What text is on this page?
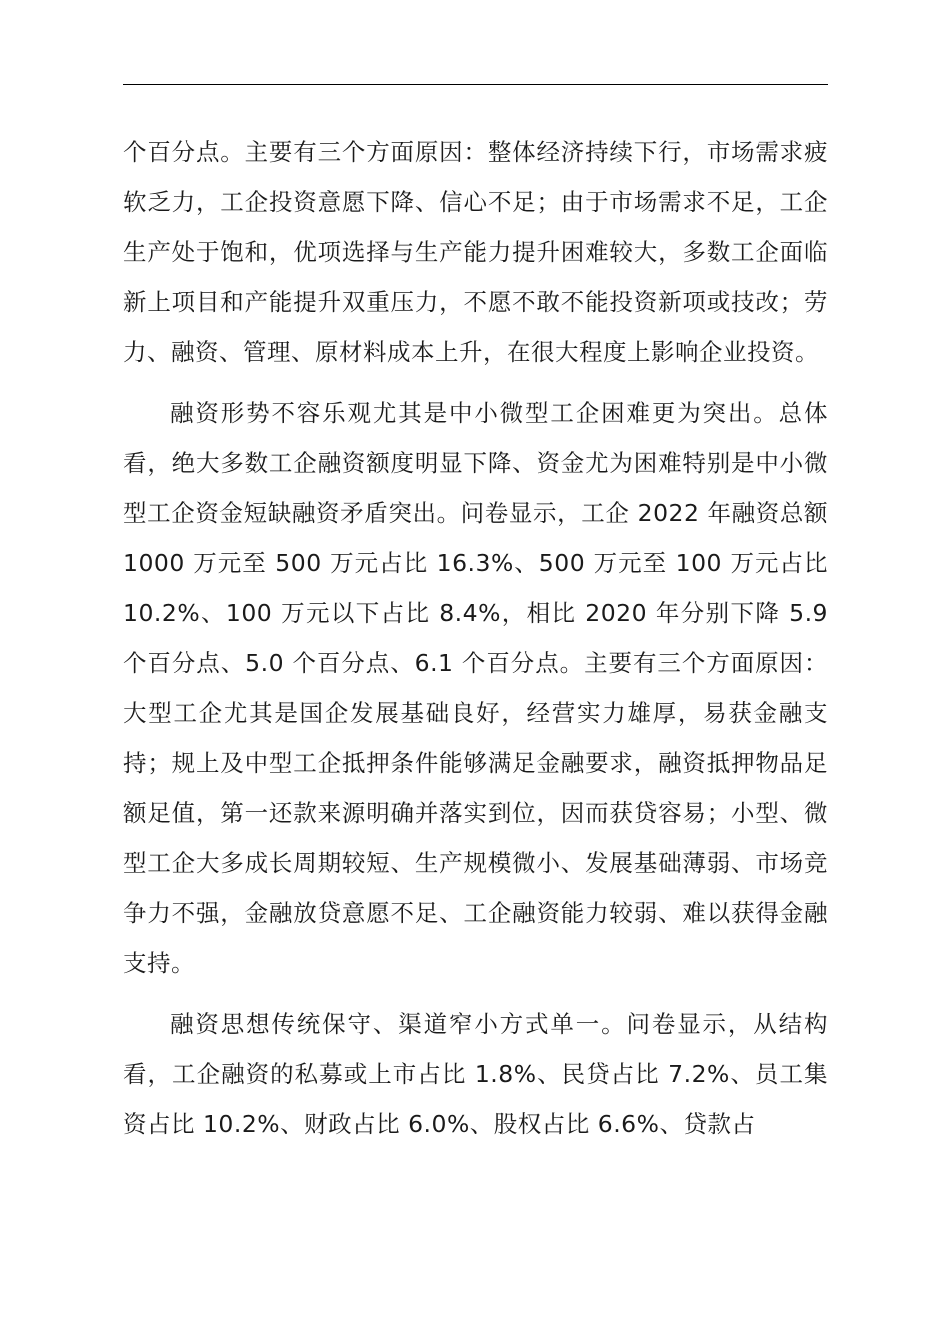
个百分点。主要有三个方面原因：整体经济持续下行，市场需求疲软乏力，工企投资意愿下降、信心不足；由于市场需求不足，工企生产处于饱和，优项选择与生产能力提升困难较大，多数工企面临新上项目和产能提升双重压力，不愿不敢不能投资新项或技改；劳力、融资、管理、原材料成本上升，在很大程度上影响企业投资。

融资形势不容乐观尤其是中小微型工企困难更为突出。总体看，绝大多数工企融资额度明显下降、资金尤为困难特别是中小微型工企资金短缺融资矛盾突出。问卷显示，工企 2022 年融资总额 1000 万元至 500 万元占比 16.3%、500 万元至 100 万元占比 10.2%、100 万元以下占比 8.4%，相比 2020 年分别下降 5.9 个百分点、5.0 个百分点、6.1 个百分点。主要有三个方面原因：大型工企尤其是国企发展基础良好，经营实力雄厚，易获金融支持；规上及中型工企抵押条件能够满足金融要求，融资抵押物品足额足值，第一还款来源明确并落实到位，因而获贷容易；小型、微型工企大多成长周期较短、生产规模微小、发展基础薄弱、市场竞争力不强，金融放贷意愿不足、工企融资能力较弱、难以获得金融支持。

融资思想传统保守、渠道窄小方式单一。问卷显示，从结构看，工企融资的私募或上市占比 1.8%、民贷占比 7.2%、员工集资占比 10.2%、财政占比 6.0%、股权占比 6.6%、贷款占
